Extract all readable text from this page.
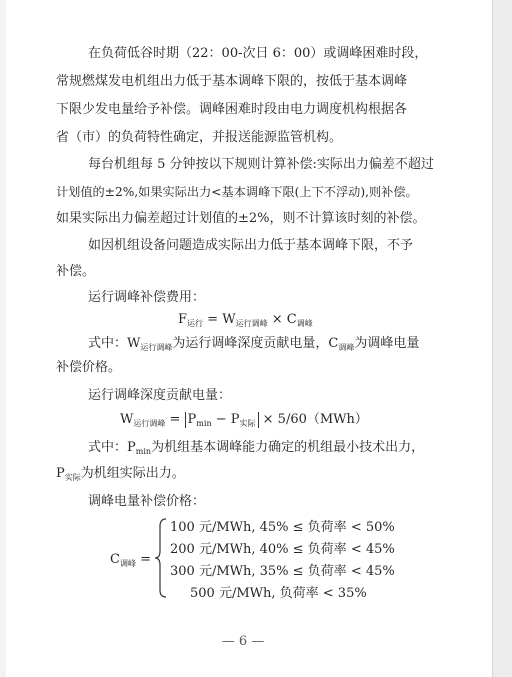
在负荷低谷时期（22：00-次日 6：00）或调峰困难时段，
常规燃煤发电机组出力低于基本调峰下限的，按低于基本调峰
下限少发电量给予补偿。调峰困难时段由电力调度机构根据各
省（市）的负荷特性确定，并报送能源监管机构。
每台机组每 5 分钟按以下规则计算补偿:实际出力偏差不超过
计划值的±2%,如果实际出力<基本调峰下限(上下不浮动),则补偿。
如果实际出力偏差超过计划值的±2%，则不计算该时刻的补偿。
如因机组设备问题造成实际出力低于基本调峰下限，不予
补偿。
运行调峰补偿费用：
$F_{运行} = W_{运行调峰} \times C_{调峰}$
式中：$W_{运行调峰}$为运行调峰深度贡献电量，$C_{调峰}$为调峰电量
补偿价格。
运行调峰深度贡献电量：
$W_{运行调峰} = P_{min} - P_{实际} \times 5/60(MWh)$
式中：$P_{min}$为机组基本调峰能力确定的机组最小技术出力，
$P_{实际}$为机组实际出力。
调峰电量补偿价格：
$C_{调峰}$ =
100 元/MWh, 45% ≤ 负荷率 < 50%
200 元/MWh, 40% ≤ 负荷率 < 45%
300 元/MWh, 35% ≤ 负荷率 < 45%
500 元/MWh, 负荷率 < 35%
— 6 —
